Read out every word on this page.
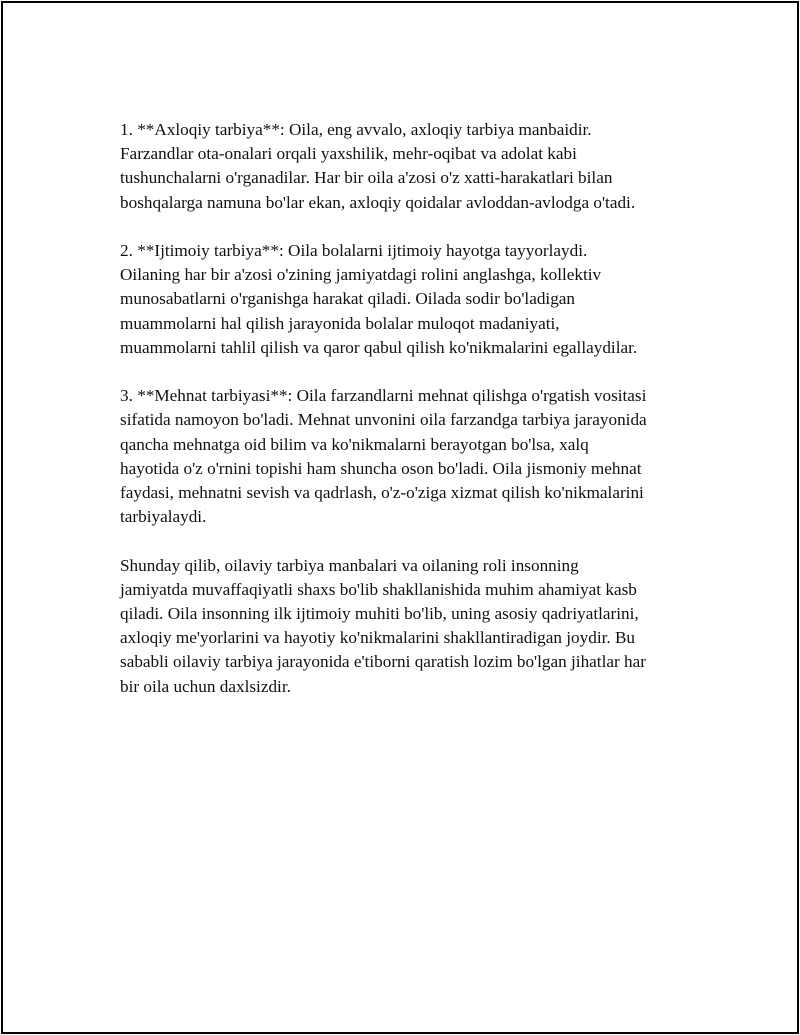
1. **Axloqiy tarbiya**: Oila, eng avvalo, axloqiy tarbiya manbaidir.
Farzandlar ota-onalari orqali yaxshilik, mehr-oqibat va adolat kabi
tushunchalarni o'rganadilar. Har bir oila a'zosi o'z xatti-harakatlari bilan
boshqalarga namuna bo'lar ekan, axloqiy qoidalar avloddan-avlodga o'tadi.

2. **Ijtimoiy tarbiya**: Oila bolalarni ijtimoiy hayotga tayyorlaydi.
Oilaning har bir a'zosi o'zining jamiyatdagi rolini anglashga, kollektiv
munosabatlarni o'rganishga harakat qiladi. Oilada sodir bo'ladigan
muammolarni hal qilish jarayonida bolalar muloqot madaniyati,
muammolarni tahlil qilish va qaror qabul qilish ko'nikmalarini egallaydilar.

3. **Mehnat tarbiyasi**: Oila farzandlarni mehnat qilishga o'rgatish vositasi
sifatida namoyon bo'ladi. Mehnat unvonini oila farzandga tarbiya jarayonida
qancha mehnatga oid bilim va ko'nikmalarni berayotgan bo'lsa, xalq
hayotida o'z o'rnini topishi ham shuncha oson bo'ladi. Oila jismoniy mehnat
faydasi, mehnatni sevish va qadrlash, o'z-o'ziga xizmat qilish ko'nikmalarini
tarbiyalaydi.

Shunday qilib, oilaviy tarbiya manbalari va oilaning roli insonning
jamiyatda muvaffaqiyatli shaxs bo'lib shakllanishida muhim ahamiyat kasb
qiladi. Oila insonning ilk ijtimoiy muhiti bo'lib, uning asosiy qadriyatlarini,
axloqiy me'yorlarini va hayotiy ko'nikmalarini shakllantiradigan joydir. Bu
sababli oilaviy tarbiya jarayonida e'tiborni qaratish lozim bo'lgan jihatlar har
bir oila uchun daxlsizdir.
